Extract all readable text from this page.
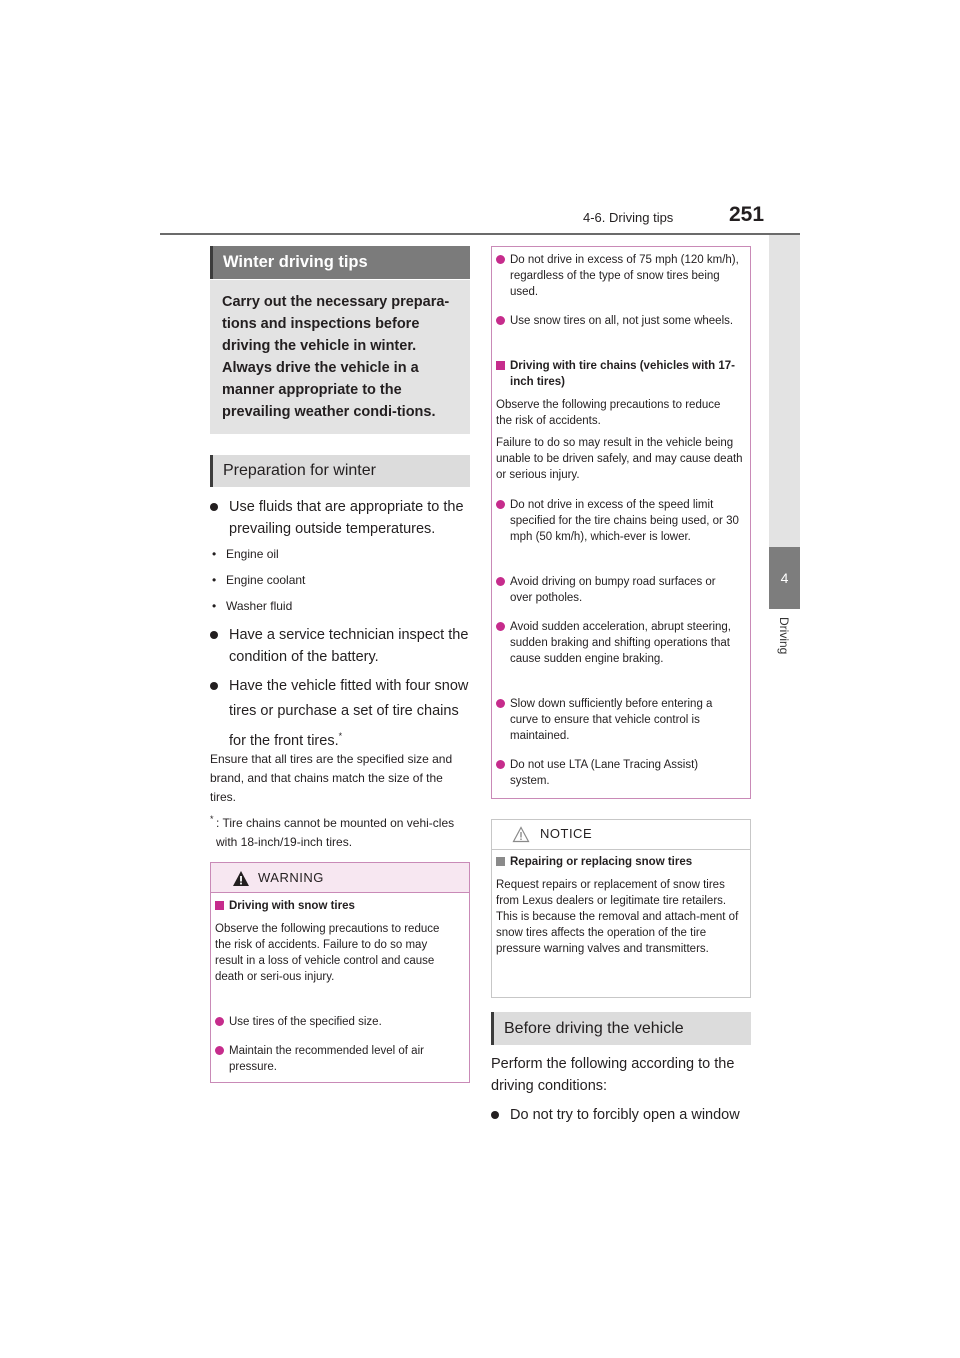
4-6. Driving tips	251
4
Driving
Winter driving tips
Carry out the necessary prepara-tions and inspections before driving the vehicle in winter. Always drive the vehicle in a manner appropriate to the prevailing weather condi-tions.
Preparation for winter
Use fluids that are appropriate to the prevailing outside temperatures.
• Engine oil
• Engine coolant
• Washer fluid
Have a service technician inspect the condition of the battery.
Have the vehicle fitted with four snow tires or purchase a set of tire chains for the front tires.*
Ensure that all tires are the specified size and brand, and that chains match the size of the tires.
* : Tire chains cannot be mounted on vehi-cles with 18-inch/19-inch tires.
WARNING
Driving with snow tires
Observe the following precautions to reduce the risk of accidents. Failure to do so may result in a loss of vehicle control and cause death or seri-ous injury.
Use tires of the specified size.
Maintain the recommended level of air pressure.
Do not drive in excess of 75 mph (120 km/h), regardless of the type of snow tires being used.
Use snow tires on all, not just some wheels.
Driving with tire chains (vehicles with 17-inch tires)
Observe the following precautions to reduce the risk of accidents.
Failure to do so may result in the vehicle being unable to be driven safely, and may cause death or serious injury.
Do not drive in excess of the speed limit specified for the tire chains being used, or 30 mph (50 km/h), which-ever is lower.
Avoid driving on bumpy road surfaces or over potholes.
Avoid sudden acceleration, abrupt steering, sudden braking and shifting operations that cause sudden engine braking.
Slow down sufficiently before entering a curve to ensure that vehicle control is maintained.
Do not use LTA (Lane Tracing Assist) system.
NOTICE
Repairing or replacing snow tires
Request repairs or replacement of snow tires from Lexus dealers or legitimate tire retailers. This is because the removal and attach-ment of snow tires affects the operation of the tire pressure warning valves and transmitters.
Before driving the vehicle
Perform the following according to the driving conditions:
Do not try to forcibly open a window
